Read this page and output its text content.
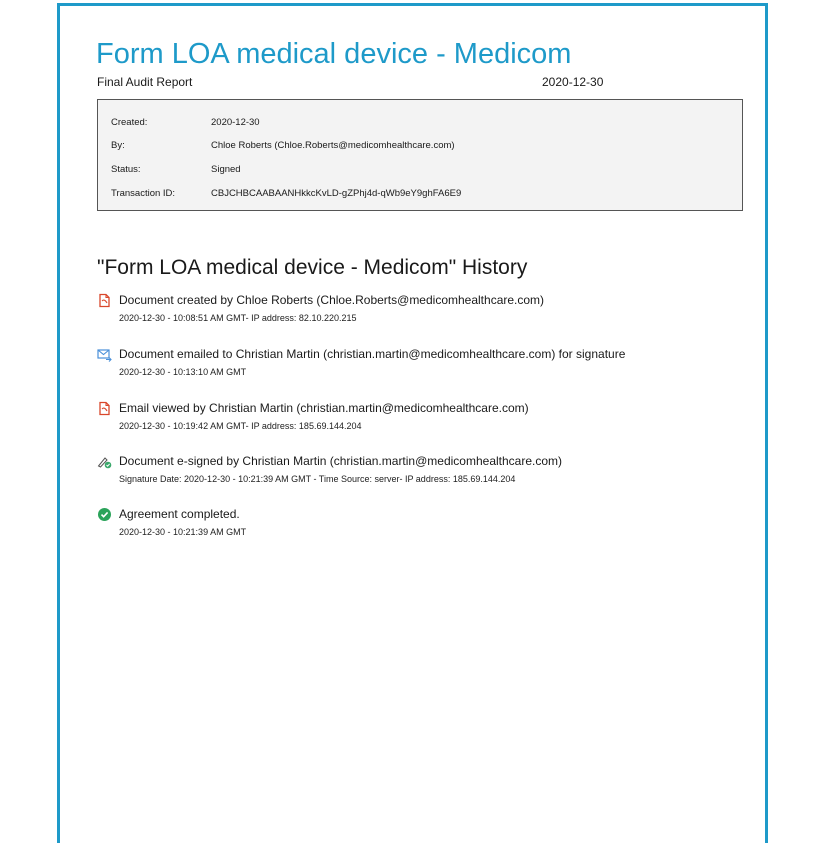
Form LOA medical device - Medicom
Final Audit Report	2020-12-30
Created:	2020-12-30
By:	Chloe Roberts (Chloe.Roberts@medicomhealthcare.com)
Status:	Signed
Transaction ID:	CBJCHBCAABAANHkkcKvLD-gZPhj4d-qWb9eY9ghFA6E9
"Form LOA medical device - Medicom" History
Document created by Chloe Roberts (Chloe.Roberts@medicomhealthcare.com)
2020-12-30 - 10:08:51 AM GMT- IP address: 82.10.220.215
Document emailed to Christian Martin (christian.martin@medicomhealthcare.com) for signature
2020-12-30 - 10:13:10 AM GMT
Email viewed by Christian Martin (christian.martin@medicomhealthcare.com)
2020-12-30 - 10:19:42 AM GMT- IP address: 185.69.144.204
Document e-signed by Christian Martin (christian.martin@medicomhealthcare.com)
Signature Date: 2020-12-30 - 10:21:39 AM GMT - Time Source: server- IP address: 185.69.144.204
Agreement completed.
2020-12-30 - 10:21:39 AM GMT
